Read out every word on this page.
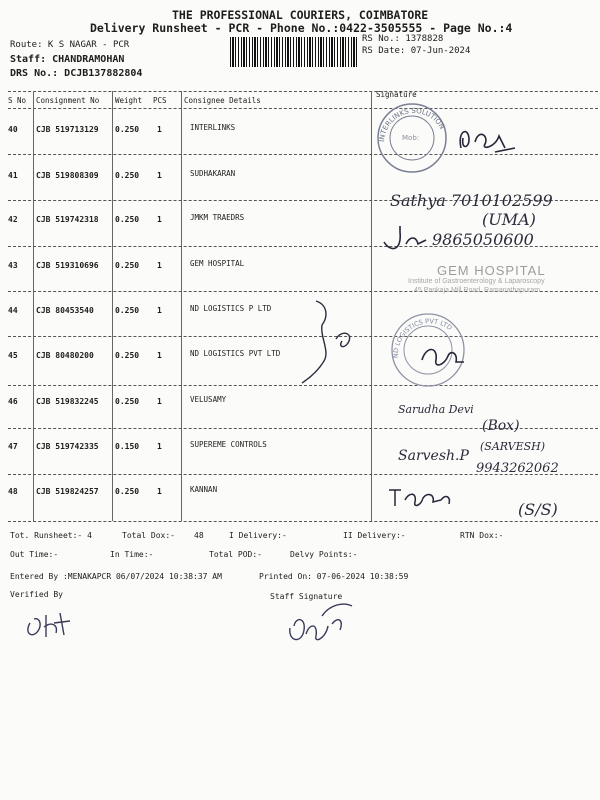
THE PROFESSIONAL COURIERS, COIMBATORE
Delivery Runsheet - PCR - Phone No.:0422-3505555 - Page No.:4
Route: K S NAGAR - PCR
Staff: CHANDRAMOHAN
DRS No.: DCJB137882804
RS No.: 1378828
RS Date: 07-Jun-2024
S No Consignment No Weight PCS Consignee Details
Signature
40 CJB 519713129 0.250 1	INTERLINKS
41 CJB 519808309 0.250 1	SUDHAKARAN
42 CJB 519742318 0.250 1	JMKM TRAEDRS
43 CJB 519310696 0.250 1	GEM HOSPITAL
44 CJB 80453540	0.250 1	ND LOGISTICS P LTD
45 CJB 80480200	0.250 1	ND LOGISTICS PVT LTD
46 CJB 519832245 0.250 1	VELUSAMY
47 CJB 519742335 0.150 1	SUPEREME CONTROLS
48 CJB 519824257 0.250 1	KANNAN
INTERLINKS SOLUTIONS
Mob:
GEM HOSPITAL
Institute of Gastroenterology & Laparoscopy
45 Pankaja Mill Road, Ramanathapuram
ND LOGISTICS PVT LTD
Sathya 7010102599
(UMA)
9865050600
Sarudha Devi
(Box)
Sarvesh.P
(SARVESH)
9943262062
(S/S)
Tot. Runsheet:- 4	Total Dox:- 48	I Delivery:-	II Delivery:-	RTN Dox:-
Out Time:-	In Time:-	Total POD:-	Delvy Points:-
Entered By :MENAKAPCR 06/07/2024 10:38:37 AM	Printed On: 07-06-2024 10:38:59
Verified By	Staff Signature
